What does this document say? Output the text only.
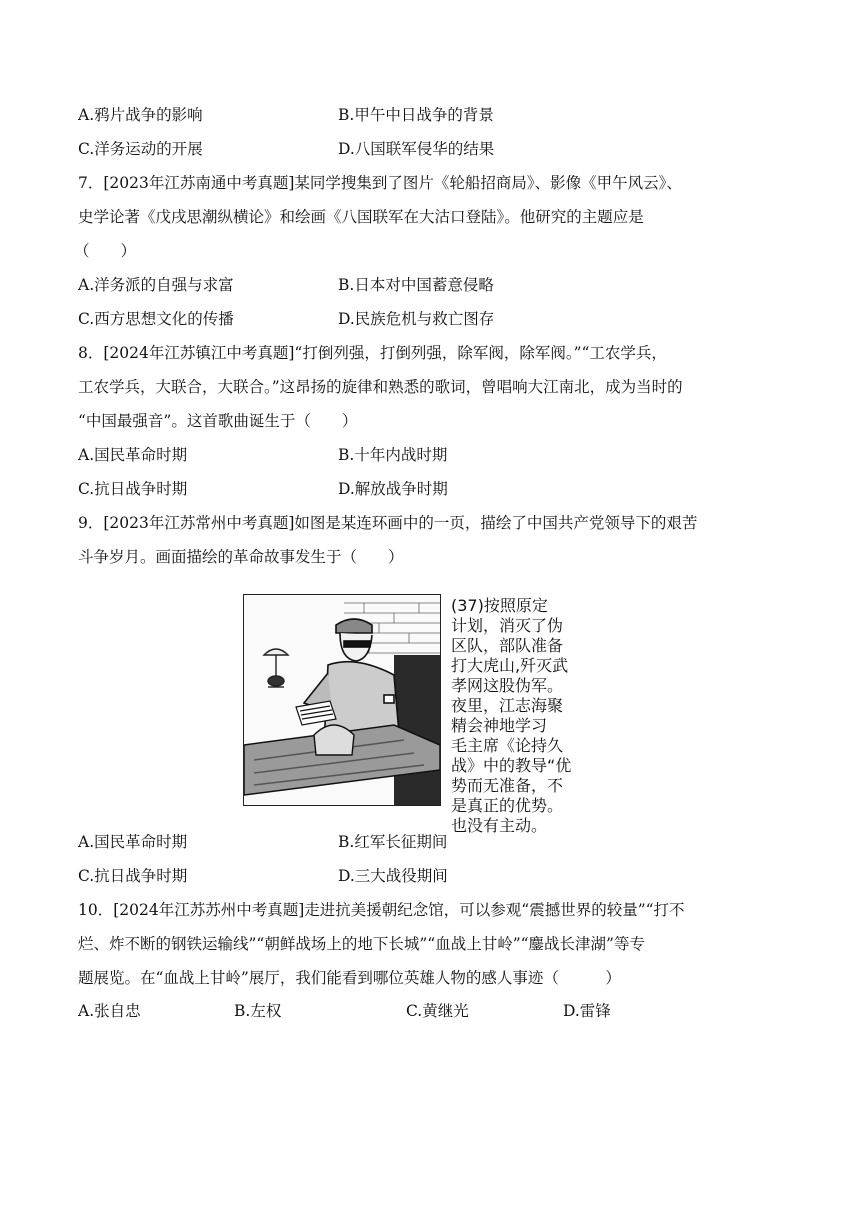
A.鸦片战争的影响	B.甲午中日战争的背景
C.洋务运动的开展	D.八国联军侵华的结果
7．[2023年江苏南通中考真题]某同学搜集到了图片《轮船招商局》、影像《甲午风云》、
史学论著《戊戌思潮纵横论》和绘画《八国联军在大沽口登陆》。他研究的主题应是
（　　）
A.洋务派的自强与求富	B.日本对中国蓄意侵略
C.西方思想文化的传播	D.民族危机与救亡图存
8．[2024年江苏镇江中考真题]“打倒列强，打倒列强，除军阀，除军阀。”“工农学兵，
工农学兵，大联合，大联合。”这昂扬的旋律和熟悉的歌词，曾唱响大江南北，成为当时的
“中国最强音”。这首歌曲诞生于（　　）
A.国民革命时期	B.十年内战时期
C.抗日战争时期	D.解放战争时期
9．[2023年江苏常州中考真题]如图是某连环画中的一页，描绘了中国共产党领导下的艰苦
斗争岁月。画面描绘的革命故事发生于（　　）
(37)按照原定
计划，消灭了伪
区队，部队准备
打大虎山,歼灭武
孝网这股伪军。
夜里，江志海聚
精会神地学习
毛主席《论持久
战》中的教导“优
势而无准备，不
是真正的优势。
也没有主动。
A.国民革命时期	B.红军长征期间
C.抗日战争时期	D.三大战役期间
10．[2024年江苏苏州中考真题]走进抗美援朝纪念馆，可以参观“震撼世界的较量”“打不
烂、炸不断的钢铁运输线”“朝鲜战场上的地下长城”“血战上甘岭”“鏖战长津湖”等专
题展览。在“血战上甘岭”展厅，我们能看到哪位英雄人物的感人事迹（　　　）
A.张自忠	B.左权	C.黄继光	D.雷锋
